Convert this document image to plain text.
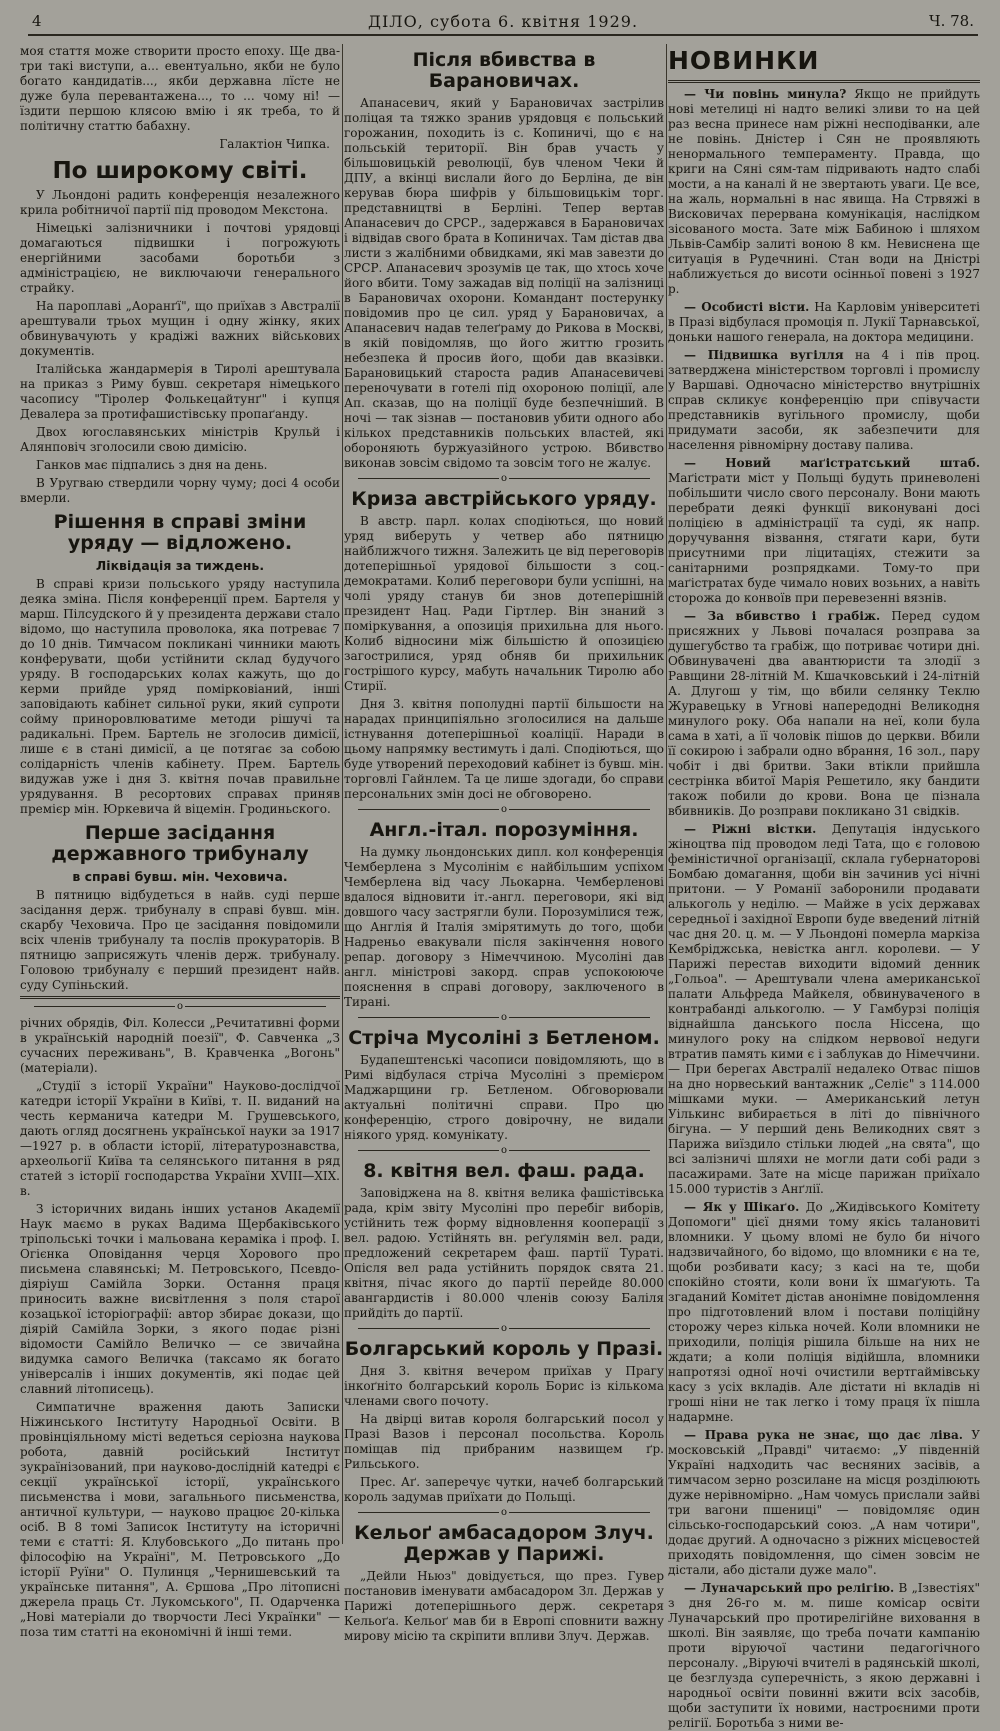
4	ДІЛО, субота 6. квітня 1929.	Ч. 78.

моя стаття може створити просто епоху. Ще два-три такі виступи, а... евентуально, якби не було богато кандидатів..., якби державна лїсте не дуже була перевантажена..., то ... чому ні! — їздити першою клясою вмію і як треба, то й політичну статтю бабахну.

Галактіон Чипка.
По широкому світі.

У Льондоні радить конференція незалежного крила робітничої партії під проводом Мекстона.

Німецькі залізничники і почтові урядовці домагаються підвишки і погрожують енергійними засобами боротьби з адміністрацією, не виключаючи генерального страйку.

На пароплаві „Аоранґї", що приїхав з Австралії арештували трьох мущин і одну жінку, яких обвинувачують у крадіжі важних військових документів.

Італійська жандармерія в Тиролі арештувала на приказ з Риму бувш. секретаря німецького часопису "Тіролер Фолькецайтунґ" і купця Девалера за протифашистівську пропаґанду.

Двох югославянських міністрів Крульй і Алянповіч зголосили свою димісію.

Ганков має підпались з дня на день.

В Уругваю ствердили чорну чуму; досі 4 особи вмерли.

Рішення в справі зміни уряду — відложено.
Ліквідація за тиждень.

В справі кризи польського уряду наступила деяка зміна. Після конференції прем. Бартеля у марш. Пілсудского й у президента держави стало відомо, що наступила проволока, яка потреває 7 до 10 днів. Тимчасом покликані чинники мають конферувати, щоби устійнити склад будучого уряду. В господарських колах кажуть, що до керми прийде уряд помірковіаний, інші заповідають кабінет сильної руки, який супроти сойму приноровлюватиме методи рішучі та радикальні. Прем. Бартель не зголосив димісії, лише є в стані димісії, а це потягає за собою солідарність членів кабінету. Прем. Бартель видужав уже і дня 3. квітня почав правильне урядування. В ресортових справах приняв премієр мін. Юркевича й віцемін. Гродиньского.

Перше засідання державного трибуналу
в справі бувш. мін. Чеховича.

В пятницю відбудеться в найв. суді перше засідання держ. трибуналу в справі бувш. мін. скарбу Чеховича. Про це засідання повідомили всіх членів трибуналу та послів прокураторів. В пятницю заприсяжуть членів держ. трибуналу. Головою трибуналу є перший президент найв. суду Супіньский.

o

річних обрядів, Філ. Колесси „Речитативні форми в українській народній поезії", Ф. Савченка „З сучасних переживань", В. Кравченка „Вогонь" (матеріали).

„Студії з історії України" Науково-дослідчої катедри історії України в Київі, т. II. виданий на честь керманича катедри М. Грушевського, дають огляд досягнень української науки за 1917—1927 р. в области історії, літературознавства, археольогії Київа та селянського питання в ряд статей з історії господарства України XVIII—XIX. в.

З історичних видань інших установ Академії Наук маємо в руках Вадима Щербаківського тріпольські точки і мальована кераміка і проф. І. Огієнка Оповідання черця Хорового про письмена славянські; М. Петровського, Псевдо-діяріуш Самійла Зорки. Остання праця приносить важне висвітлення з поля старої козацької історіографії: автор збирає докази, що діярій Самійла Зорки, з якого подає різні відомости Самійло Величко — се звичайна видумка самого Величка (таксамо як богато універсалів і інших документів, які подає цей славний літописець).

Симпатичне враження дають Записки Ніжинського Інституту Народньої Освіти. В провінціяльному місті ведеться серіозна наукова робота, давній російський Інститут зукраїнізований, при науково-дослідній катедрі є секції української історії, українського письменства і мови, загальнього письменства, античної культури, — науково працює 20-кілька осіб. В 8 томі Записок Інституту на історичні теми є статті: Я. Клубовського „До питань про філософію на Україні", М. Петровського „До історії Руїни" О. Пулинця „Чернишевський та українське питання", А. Єршова „Про літописні джерела праць Ст. Лукомського", П. Одарченка „Нові матеріали до творчости Лесі Українки" — поза тим статті на економічні й інші теми.

Після вбивства в Барановичах.

Апанасевич, який у Барановичах застрілив поліцая та тяжко зранив урядовця є польський горожанин, походить із с. Копиничі, що є на польській території. Він брав участь у більшовицькій революції, був членом Чеки й ДПУ, а вкінці вислали його до Берліна, де він керував бюра шифрів у більшовицькім торг. представництві в Берліні. Тепер вертав Апанасевич до СРСР., задержався в Барановичах і відвідав свого брата в Копиничах. Там дістав два листи з жалібними обвидками, які мав завезти до СРСР. Апанасевич зрозумів це так, що хтось хоче його вбити. Тому зажадав від поліції на залізниці в Барановичах охорони. Командант постерунку повідомив про це сил. уряд у Барановичах, а Апанасевич надав телеґраму до Рикова в Москві, в якій повідомляв, що його життю грозить небезпека й просив його, щоби дав вказівки. Барановицький староста радив Апанасевичеві переночувати в готелі під охороною поліції, але Ап. сказав, що на поліції буде безпечніший. В ночі — так зізнав — постановив убити одного або кількох представників польських властей, які обороняють буржуазійного устрою. Вбивство виконав зовсім свідомо та зовсім того не жалує.

o
Криза австрійського уряду.

В австр. парл. колах сподіються, що новий уряд виберуть у четвер або пятницю найближчого тижня. Залежить це від переговорів дотеперішньої урядової більшости з соц.-демократами. Колиб переговори були успішні, на чолі уряду станув би знов дотеперішній президент Нац. Ради Гіртлер. Він знаний з поміркування, а опозиція прихильна для нього. Колиб відносини між більшістю й опозицією загострилися, уряд обняв би прихильник гострішого курсу, мабуть начальник Тиролю або Стирії.

Дня 3. квітня пополудні партії більшости на нарадах принципіяльно зголосилися на дальше істнування дотеперішньої коаліції. Наради в цьому напрямку вестимуть і далі. Сподіються, що буде утворений переходовий кабінет із бувш. мін. торговлі Гайнлем. Та це лише здогади, бо справи персональних змін досі не обговорено.

o
Англ.-італ. порозуміння.

На думку льондонських дипл. кол конференція Чемберлена з Мусолінім є найбільшим успіхом Чемберлена від часу Льокарна. Чемберленові вдалося відновити іт.-англ. переговори, які від довшого часу застрягли були. Порозумілися теж, що Англія й Італія змірятимуть до того, щоби Надреньо евакували після закінчення нового репар. договору з Німеччиною. Мусоліні дав англ. міністрові закорд. справ успокоююче пояснення в справі договору, заключеного в Тирані.

o
Стріча Мусоліні з Бетленом.

Будапештенські часописи повідомляють, що в Римі відбулася стріча Мусоліні з премієром Маджарщини гр. Бетленом. Обговорювали актуальні політичні справи. Про цю конференцію, строго довірочну, не видали ніякого уряд. комунікату.

o
8. квітня вел. фаш. рада.

Заповіджена на 8. квітня велика фашістівська рада, крім звіту Мусоліні про перебіг виборів, устійнить теж форму відновлення кооперації з вел. радою. Устійнять вн. реґулямін вел. ради, предложений секретарем фаш. партії Тураті. Опісля вел рада устійнить порядок свята 21. квітня, пічас якого до партії перейде 80.000 авангардистів і 80.000 членів союзу Баліля прийдіть до партії.

o
Болгарський король у Празі.

Дня 3. квітня вечером приїхав у Прагу інкоґніто болгарський король Борис із кількома членами свого почоту.

На двірці витав короля болгарський посол у Празі Вазов і персонал посольства. Король поміщав під прибраним назвищем ґр. Рильського.

Прес. Аґ. заперечує чутки, начеб болгарський король задумав приїхати до Польщі.

o
Кельоґ амбасадором Злуч. Держав у Парижі.

„Дейли Ньюз" довідується, що през. Гувер постановив іменувати амбасадором Зл. Держав у Парижі дотеперішнього держ. секретаря Кельоґа. Кельоґ мав би в Европі сповнити важну мирову місію та скріпити впливи Злуч. Держав.

НОВИНКИ

— Чи повінь минула? Якщо не прийдуть нові метелиці ні надто великі зливи то на цей раз весна принесе нам ріжні несподіванки, але не повінь. Дністер і Сян не проявляють ненормального темпераменту. Правда, що криги на Сяні сям-там підривають надто слабі мости, а на каналі й не звертають уваги. Це все, на жаль, нормальні в нас явища. На Стрвяжі в Висковичах перервана комунікація, наслідком зісованого моста. Зате між Бабиною і шляхом Львів-Самбір залиті воною 8 км. Невиснена ще ситуація в Рудечнині. Стан води на Дністрі наближується до висоти осінньої повені з 1927 р.

— Особисті вісти. На Карловім університеті в Празі відбулася промоція п. Лукії Тарнавської, доньки нашого генерала, на доктора медицини.

— Підвишка вугілля на 4 і пів проц. затверджена міністерством торговлі і промислу у Варшаві. Одночасно міністерство внутрішніх справ скликує конференцію при співучасти представників вугільного промислу, щоби придумати засоби, як забезпечити для населення рівномірну доставу палива.

— Новий маґістратський штаб. Маґістрати міст у Польщі будуть приневолені побільшити число свого персоналу. Вони мають перебрати деякі функції виконувані досі поліцією в адміністрації та суді, як напр. доручування візвання, стягати кари, бути присутними при ліцитаціях, стежити за санітарними розпрядками. Тому-то при маґістратах буде чимало нових возьних, а навіть сторожа до конвоїв при перевезенні вязнів.

— За вбивство і грабіж. Перед судом присяжних у Львові почалася розправа за душегубство та грабіж, що потриває чотири дні. Обвинувачені два авантюристи та злодії з Равщини 28-літній М. Кшачковський і 24-літній А. Длугош у тім, що вбили селянку Теклю Журавецьку в Угнові напередодні Великодня минулого року. Оба напали на неї, коли була сама в хаті, а її чоловік пішов до церкви. Вбили її сокирою і забрали одно вбрання, 16 зол., пару чобіт і дві бритви. Заки втікли прийшла сестрінка вбитої Марія Решетило, яку бандити також побили до крови. Вона це пізнала вбивників. До розправи покликано 31 свідків.

— Ріжні вістки. Депутація індуського жіноцтва під проводом леді Тата, що є головою феміністичної організації, склала губернаторові Бомбаю домагання, щоби він зачинив усі нічні притони. — У Романії заборонили продавати алькоголь у неділю. — Майже в усіх державах середньої і західної Европи буде введений літній час дня 20. ц. м. — У Льондоні померла маркіза Кембріджська, невістка англ. королеви. — У Парижі перестав виходити відомий денник „Гольоа". — Арештували члена американської палати Альфреда Майкеля, обвинуваченого в контрабанді алькоголю. — У Гамбурзі поліція віднайшла данського посла Ніссена, що минулого року на слідком нервової недуги втратив память кими є і заблукав до Німеччини. — При берегах Австралії недалеко Отвас пішов на дно норвеський вантажник „Селіє" з 114.000 мішками муки. — Американський летун Уількинс вибирається в літі до північного бігуна. — У перший день Великодних свят з Парижа виїздило стільки людей „на свята", що всі залізничі шляхи не могли дати собі ради з пасажирами. Зате на місце парижан приїхало 15.000 туристів з Анґлії.

— Як у Шікаґо. До „Жидівського Комітету Допомоги" цієї днями тому якісь талановиті вломники. У цьому вломі не було би нічого надзвичайного, бо відомо, що вломники є на те, щоби розбивати касу; з касі на те, щоби спокійно стояти, коли вони їх шмаґують. Та згаданий Комітет дістав анонімне повідомлення про підготовлений влом і постави поліційну сторожу через кілька ночей. Коли вломники не приходили, поліція рішила більше на них не ждати; а коли поліція відійшла, вломники напротязі одної ночі очистили вертгаймівську касу з усіх вкладів. Але дістати ні вкладів ні гроші ніни не так легко і тому праця їх пішла надармне.

— Права рука не знає, що дає ліва. У московській „Правді" читаємо: „У південній Україні надходить час весняних засівів, а тимчасом зерно розсилане на місця розділюють дуже нерівномірно. „Нам чомусь прислали зайві три вагони пшениці" — повідомляє один сільсько-господарський союз. „А нам чотири", додає другий. А одночасно з ріжних місцевостей приходять повідомлення, що сімен зовсім не дістали, або дістали дуже мало".

— Луначарський про релігію. В „Ізвестіях" з дня 26-го м. м. пише комісар освіти Луначарський про протирелігійне виховання в школі. Він заявляє, що треба почати кампанію проти віруючої частини педагогічного персоналу. „Віруючі вчителі в радянській школі, це безглузда суперечність, з якою державні і народньої освіти повинні вжити всіх засобів, щоби заступити їх новими, настроєними проти релігії. Боротьба з ними ве-
